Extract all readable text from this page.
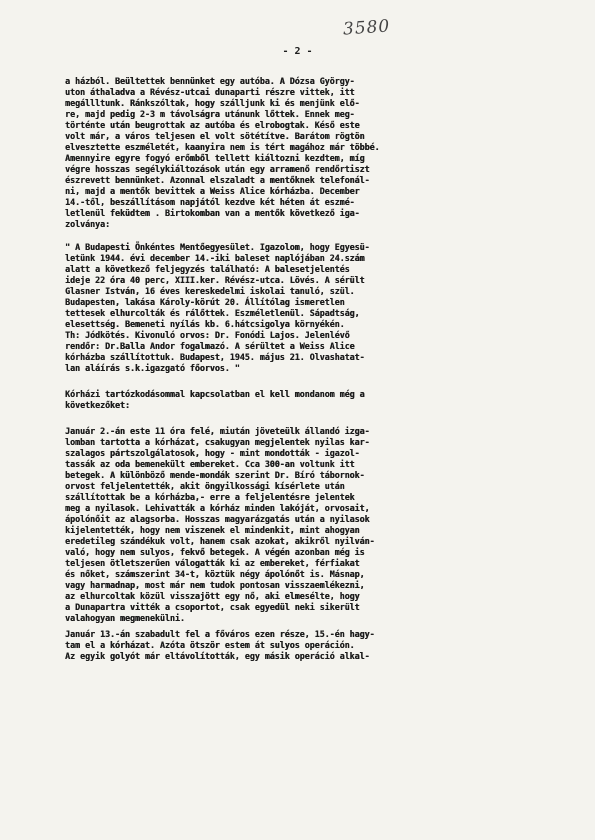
3580
- 2 -
a házból. Beültettek bennünket egy autóba. A Dózsa György-
uton áthaladva a Révész-utcai dunaparti részre vittek, itt
megállltunk. Ránkszóltak, hogy szálljunk ki és menjünk elő-
re, majd pedig 2-3 m távolságra utánunk lőttek. Ennek meg-
történte után beugrottak az autóba és elrobogtak. Késő este
volt már, a város teljesen el volt sötétítve. Barátom rögtön
elvesztette eszméletét, kaanyira nem is tért magához már többé.
Amennyire egyre fogyó erőmből tellett kiáltozni kezdtem, míg
végre hosszas segélykiáltozások után egy arramenő rendőrtiszt
észrevett bennünket. Azonnal elszaladt a mentőknek telefonál-
ni, majd a mentők bevittek a Weiss Alice kórházba. December
14.-től, beszállításom napjától kezdve két héten át eszmé-
letlenül feküdtem . Birtokomban van a mentők következő iga-
zolványa:
" A Budapesti Önkéntes Mentőegyesület. Igazolom, hogy Egyesü-
letünk 1944. évi december 14.-iki baleset naplójában 24.szám
alatt a következő feljegyzés található: A balesetjelentés
ideje 22 óra 40 perc, XIII.ker. Révész-utca. Lövés. A sérült
Glasner István, 16 éves kereskedelmi iskolai tanuló, szül.
Budapesten, lakása Károly-körút 20. Állítólag ismeretlen
tettesek elhurcolták és rálőttek. Eszméletlenül. Sápadtság,
elesettség. Bemeneti nyílás kb. 6.hátcsigolya környékén.
Th: Jódkötés. Kivonuló orvos: Dr. Fonódi Lajos. Jelenlévő
rendőr: Dr.Balla Andor fogalmazó. A sérültet a Weiss Alice
kórházba szállítottuk. Budapest, 1945. május 21. Olvashatat-
lan aláírás s.k.igazgató főorvos. "
Kórházi tartózkodásommal kapcsolatban el kell mondanom még a
következőket:
Január 2.-án este 11 óra felé, miután jöveteülk állandó izga-
lomban tartotta a kórházat, csakugyan megjelentek nyilas kar-
szalagos pártszolgálatosok, hogy - mint mondották - igazol-
tassák az oda bemenekült embereket. Cca 300-an voltunk itt
betegek. A különböző mende-mondák szerint Dr. Bíró tábornok-
orvost feljelentették, akit öngyilkossági kísérlete után
szállítottak be a kórházba,- erre a feljelentésre jelentek
meg a nyilasok. Lehivatták a kórház minden lakóját, orvosait,
ápolónőit az alagsorba. Hosszas magyarázgatás után a nyilasok
kijelentették, hogy nem viszenek el mindenkit, mint ahogyan
eredetileg szándékuk volt, hanem csak azokat, akikről nyilván-
való, hogy nem sulyos, fekvő betegek. A végén azonban még is
teljesen ötletszerűen válogatták ki az embereket, férfiakat
és nőket, számszerint 34-t, köztük négy ápolónőt is. Másnap,
vagy harmadnap, most már nem tudok pontosan visszaemlékezni,
az elhurcoltak közül visszajött egy nő, aki elmesélte, hogy
a Dunapartra vitték a csoportot, csak egyedül neki sikerült
valahogyan megmenekülni.
Január 13.-án szabadult fel a főváros ezen része, 15.-én hagy-
tam el a kórházat. Azóta ötször estem át sulyos operáción.
Az egyik golyót már eltávolították, egy másik operáció alkal-
